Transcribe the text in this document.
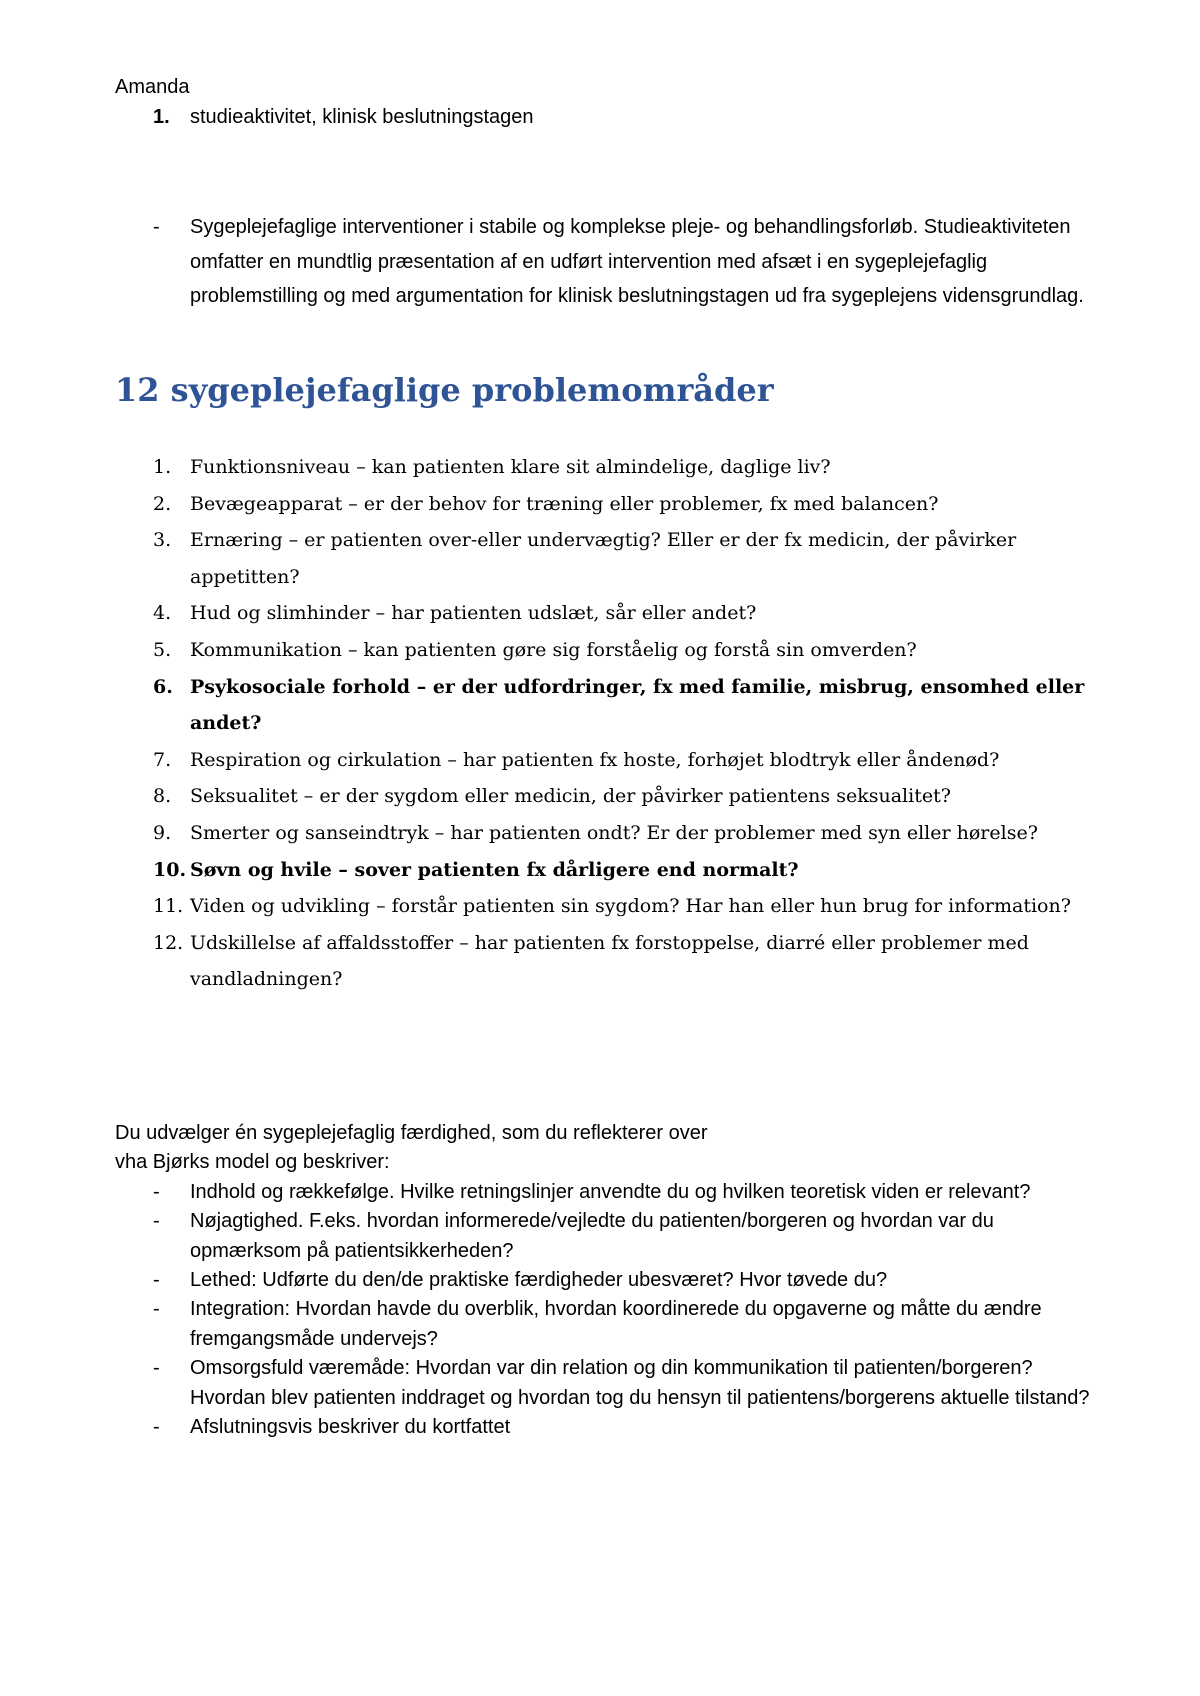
Amanda
1. studieaktivitet, klinisk beslutningstagen
- Sygeplejefaglige interventioner i stabile og komplekse pleje- og behandlingsforløb. Studieaktiviteten omfatter en mundtlig præsentation af en udført intervention med afsæt i en sygeplejefaglig problemstilling og med argumentation for klinisk beslutningstagen ud fra sygeplejens vidensgrundlag.
12 sygeplejefaglige problemområder
1. Funktionsniveau – kan patienten klare sit almindelige, daglige liv?
2. Bevægeapparat – er der behov for træning eller problemer, fx med balancen?
3. Ernæring – er patienten over-eller undervægtig? Eller er der fx medicin, der påvirker appetitten?
4. Hud og slimhinder – har patienten udslæt, sår eller andet?
5. Kommunikation – kan patienten gøre sig forståelig og forstå sin omverden?
6. Psykosociale forhold – er der udfordringer, fx med familie, misbrug, ensomhed eller andet?
7. Respiration og cirkulation – har patienten fx hoste, forhøjet blodtryk eller åndenød?
8. Seksualitet – er der sygdom eller medicin, der påvirker patientens seksualitet?
9. Smerter og sanseindtryk – har patienten ondt? Er der problemer med syn eller hørelse?
10. Søvn og hvile – sover patienten fx dårligere end normalt?
11. Viden og udvikling – forstår patienten sin sygdom? Har han eller hun brug for information?
12. Udskillelse af affaldsstoffer – har patienten fx forstoppelse, diarré eller problemer med vandladningen?

Du udvælger én sygeplejefaglig færdighed, som du reflekterer over

vha Bjørks model og beskriver:

- Indhold og rækkefølge. Hvilke retningslinjer anvendte du og hvilken teoretisk viden er relevant?
- Nøjagtighed. F.eks. hvordan informerede/vejledte du patienten/borgeren og hvordan var du opmærksom på patientsikkerheden?
- Lethed: Udførte du den/de praktiske færdigheder ubesværet? Hvor tøvede du?
- Integration: Hvordan havde du overblik, hvordan koordinerede du opgaverne og måtte du ændre fremgangsmåde undervejs?
- Omsorgsfuld væremåde: Hvordan var din relation og din kommunikation til patienten/borgeren? Hvordan blev patienten inddraget og hvordan tog du hensyn til patientens/borgerens aktuelle tilstand?
- Afslutningsvis beskriver du kortfattet
